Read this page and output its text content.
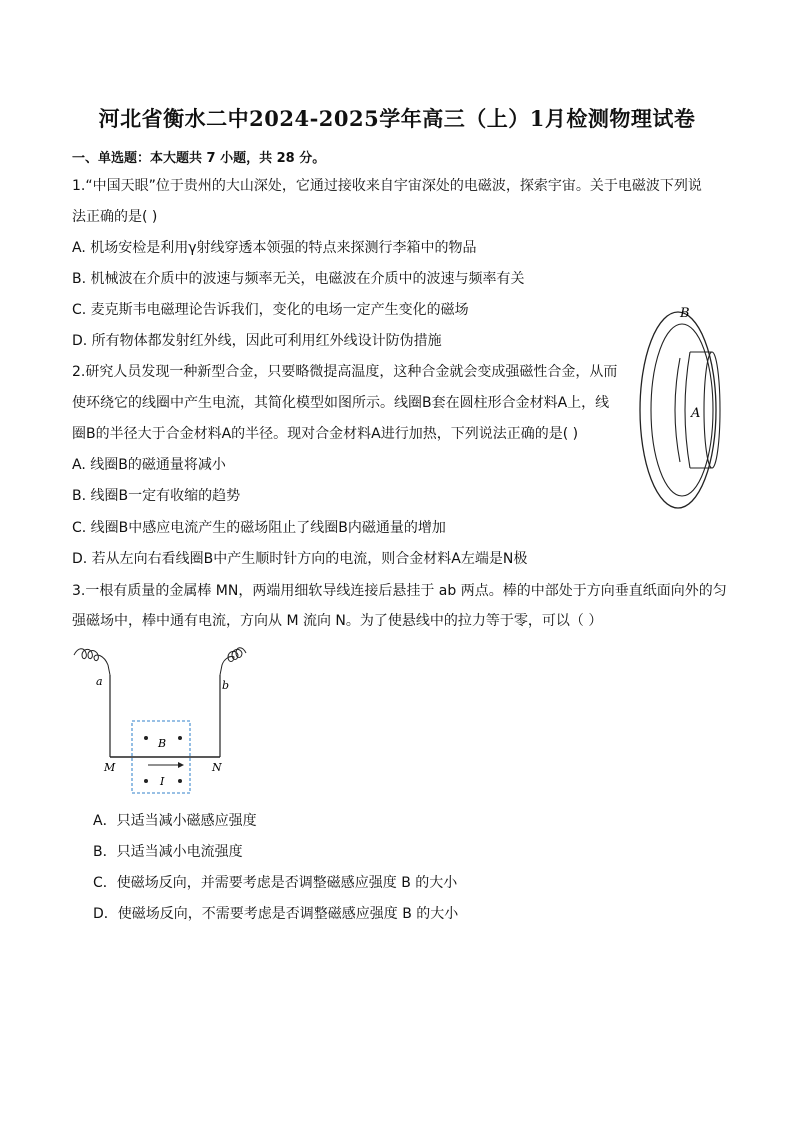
河北省衡水二中2024-2025学年高三（上）1月检测物理试卷
一、单选题：本大题共 7 小题，共 28 分。
1.“中国天眼”位于贵州的大山深处，它通过接收来自宇宙深处的电磁波，探索宇宙。关于电磁波下列说
法正确的是( )
A. 机场安检是利用γ射线穿透本领强的特点来探测行李箱中的物品
B. 机械波在介质中的波速与频率无关，电磁波在介质中的波速与频率有关
C. 麦克斯韦电磁理论告诉我们，变化的电场一定产生变化的磁场
D. 所有物体都发射红外线，因此可利用红外线设计防伪措施
2.研究人员发现一种新型合金，只要略微提高温度，这种合金就会变成强磁性合金，从而
使环绕它的线圈中产生电流，其简化模型如图所示。线圈B套在圆柱形合金材料A上，线
圈B的半径大于合金材料A的半径。现对合金材料A进行加热，下列说法正确的是( )
A. 线圈B的磁通量将减小
B. 线圈B一定有收缩的趋势
C. 线圈B中感应电流产生的磁场阻止了线圈B内磁通量的增加
D. 若从左向右看线圈B中产生顺时针方向的电流，则合金材料A左端是N极
B
A
3.一根有质量的金属棒 MN，两端用细软导线连接后悬挂于 ab 两点。棒的中部处于方向垂直纸面向外的匀
强磁场中，棒中通有电流，方向从 M 流向 N。为了使悬线中的拉力等于零，可以（ ）
a	b
M	N
B
I
A．只适当减小磁感应强度
B．只适当减小电流强度
C．使磁场反向，并需要考虑是否调整磁感应强度 B 的大小
D．使磁场反向，不需要考虑是否调整磁感应强度 B 的大小
